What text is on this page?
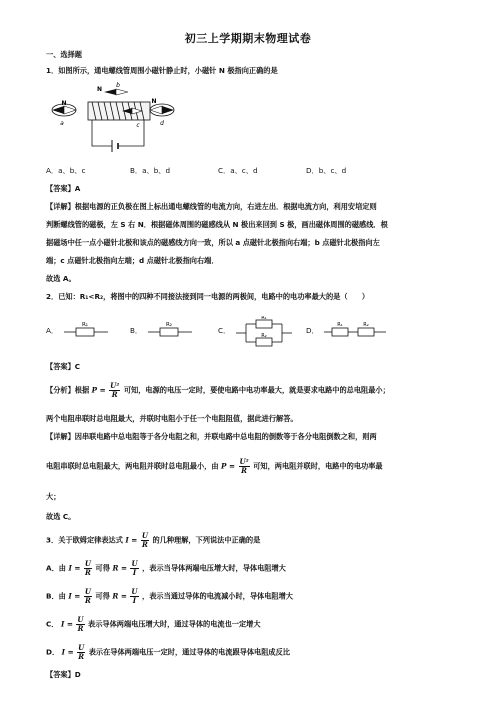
初三上学期期末物理试卷
一、选择题
1．如图所示，通电螺线管周围小磁针静止时，小磁针 N 极指向正确的是
N
a
N
b
c
N
d
A．a、b、c	B．a、b、d	C．a、c、d	D．b、c、d
【答案】A
【详解】根据电源的正负极在图上标出通电螺线管的电流方向，右进左出．根据电流方向，利用安培定则
判断螺线管的磁极，左 S 右 N．根据磁体周围的磁感线从 N 极出来回到 S 极，画出磁体周围的磁感线．根
据磁场中任一点小磁针北极和该点的磁感线方向一致，所以 a 点磁针北极指向右端；b 点磁针北极指向左
端；c 点磁针北极指向左端；d 点磁针北极指向右端．
故选 A。
2．已知：R₁<R₂，将图中的四种不同接法接到同一电源的两极间，电路中的电功率最大的是（　　）
A．
R₁
B．
R₂
C．
R₁
R₂
D．
R₁	R₂
【答案】C
【分析】根据 $P = \frac{\text{U²}}{R}$ 可知，电源的电压一定时，要使电路中电功率最大，就是要求电路中的总电阻最小；
两个电阻串联时总电阻最大，并联时电阻小于任一个电阻阻值，据此进行解答。
【详解】因串联电路中总电阻等于各分电阻之和，并联电路中总电阻的倒数等于各分电阻倒数之和，则两
电阻串联时总电阻最大，两电阻并联时总电阻最小，由 $P = \frac{\text{U²}}{R}$ 可知，两电阻并联时，电路中的电功率最
大；
故选 C。
3．关于欧姆定律表达式 $I = \frac{U}{R}$ 的几种理解，下列说法中正确的是
A．由 $I = \frac{U}{R}$ 可得 $R = \frac{U}{I}$ ，表示当导体两端电压增大时，导体电阻增大
B．由 $I = \frac{U}{R}$ 可得 $R = \frac{U}{I}$ ，表示当通过导体的电流减小时，导体电阻增大
C． $I = \frac{U}{R}$ 表示导体两端电压增大时，通过导体的电流也一定增大
D． $I = \frac{U}{R}$ 表示在导体两端电压一定时，通过导体的电流跟导体电阻成反比
【答案】D
